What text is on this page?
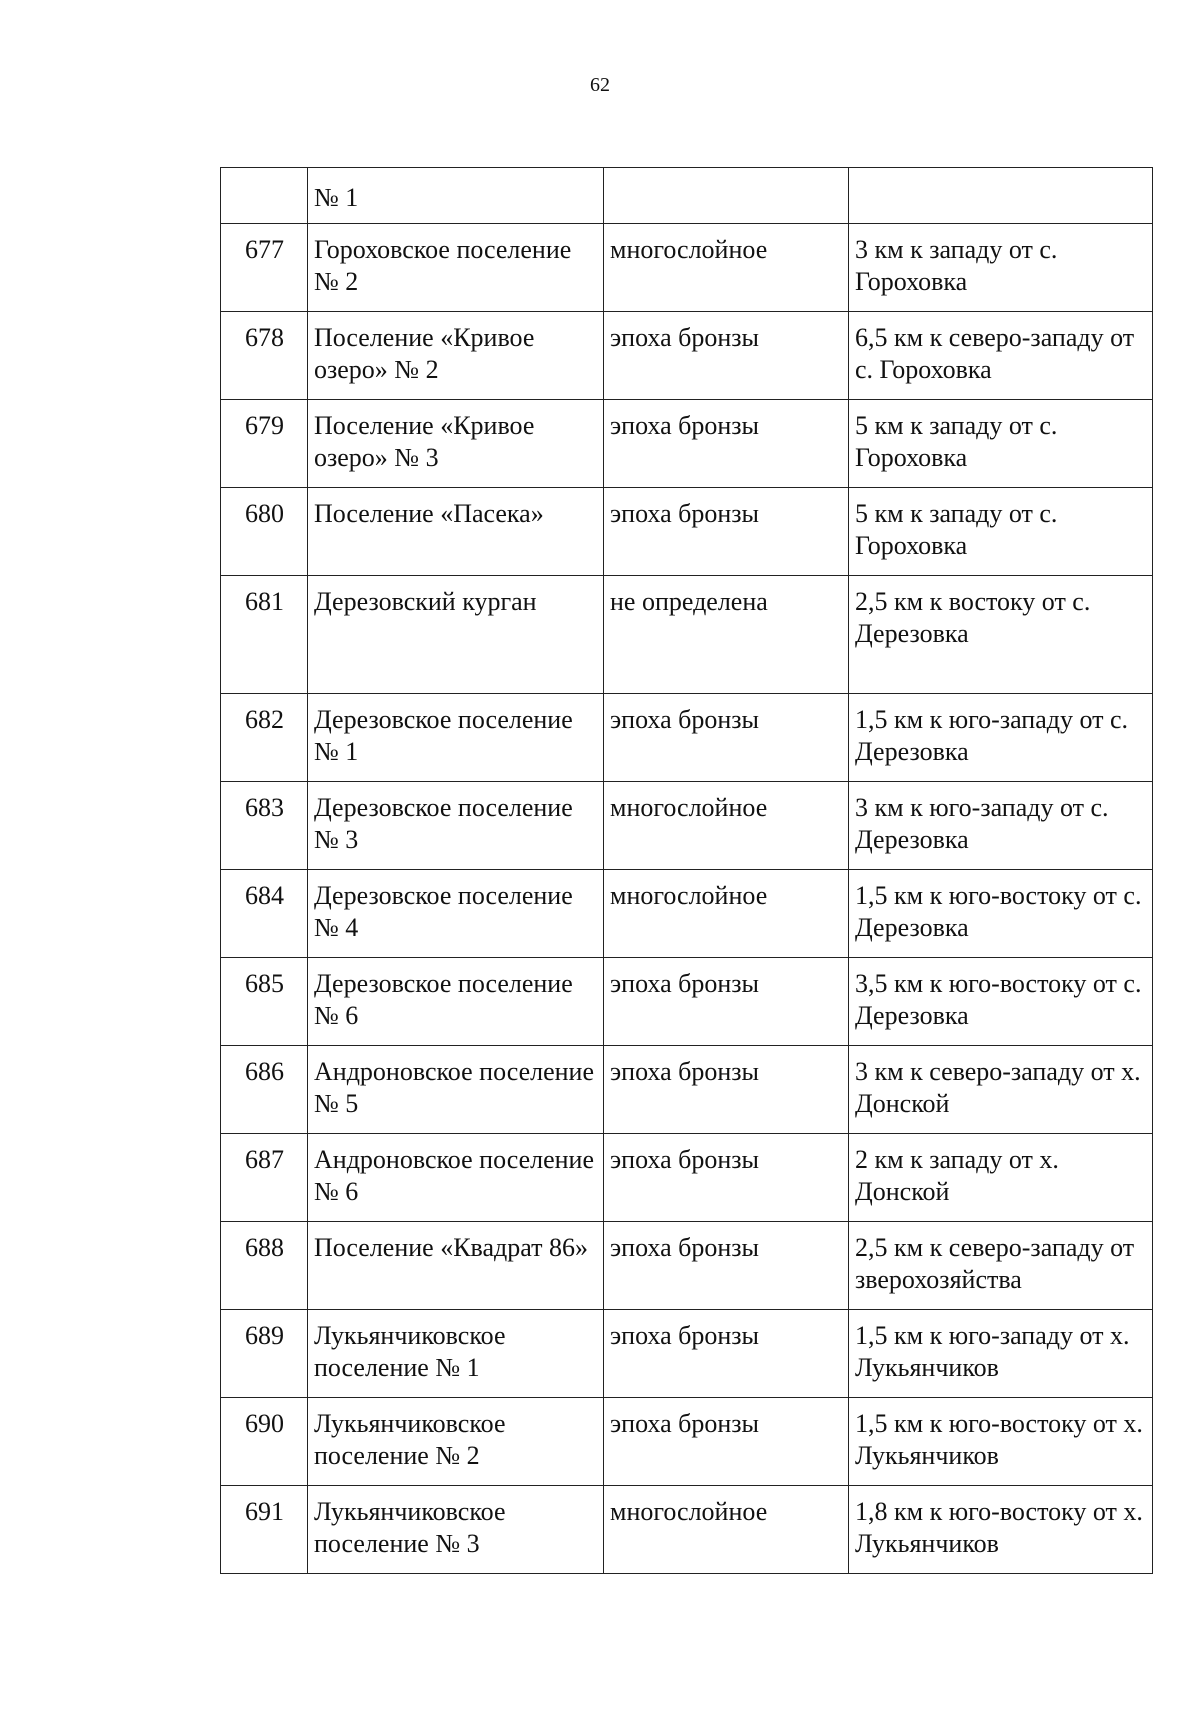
62
	№ 1		
677	Гороховское поселение № 2	многослойное	3 км к западу от с. Гороховка
678	Поселение «Кривое озеро» № 2	эпоха бронзы	6,5 км к северо-западу от с. Гороховка
679	Поселение «Кривое озеро» № 3	эпоха бронзы	5 км к западу от с. Гороховка
680	Поселение «Пасека»	эпоха бронзы	5 км к западу от с. Гороховка
681	Дерезовский курган	не определена	2,5 км к востоку от с. Дерезовка
682	Дерезовское поселение № 1	эпоха бронзы	1,5 км к юго-западу от с. Дерезовка
683	Дерезовское поселение № 3	многослойное	3 км к юго-западу от с. Дерезовка
684	Дерезовское поселение № 4	многослойное	1,5 км к юго-востоку от с. Дерезовка
685	Дерезовское поселение № 6	эпоха бронзы	3,5 км к юго-востоку от с. Дерезовка
686	Андроновское поселение № 5	эпоха бронзы	3 км к северо-западу от х. Донской
687	Андроновское поселение № 6	эпоха бронзы	2 км к западу от х. Донской
688	Поселение «Квадрат 86»	эпоха бронзы	2,5 км к северо-западу от зверохозяйства
689	Лукьянчиковское поселение № 1	эпоха бронзы	1,5 км к юго-западу от х. Лукьянчиков
690	Лукьянчиковское поселение № 2	эпоха бронзы	1,5 км к юго-востоку от х. Лукьянчиков
691	Лукьянчиковское поселение № 3	многослойное	1,8 км к юго-востоку от х. Лукьянчиков
